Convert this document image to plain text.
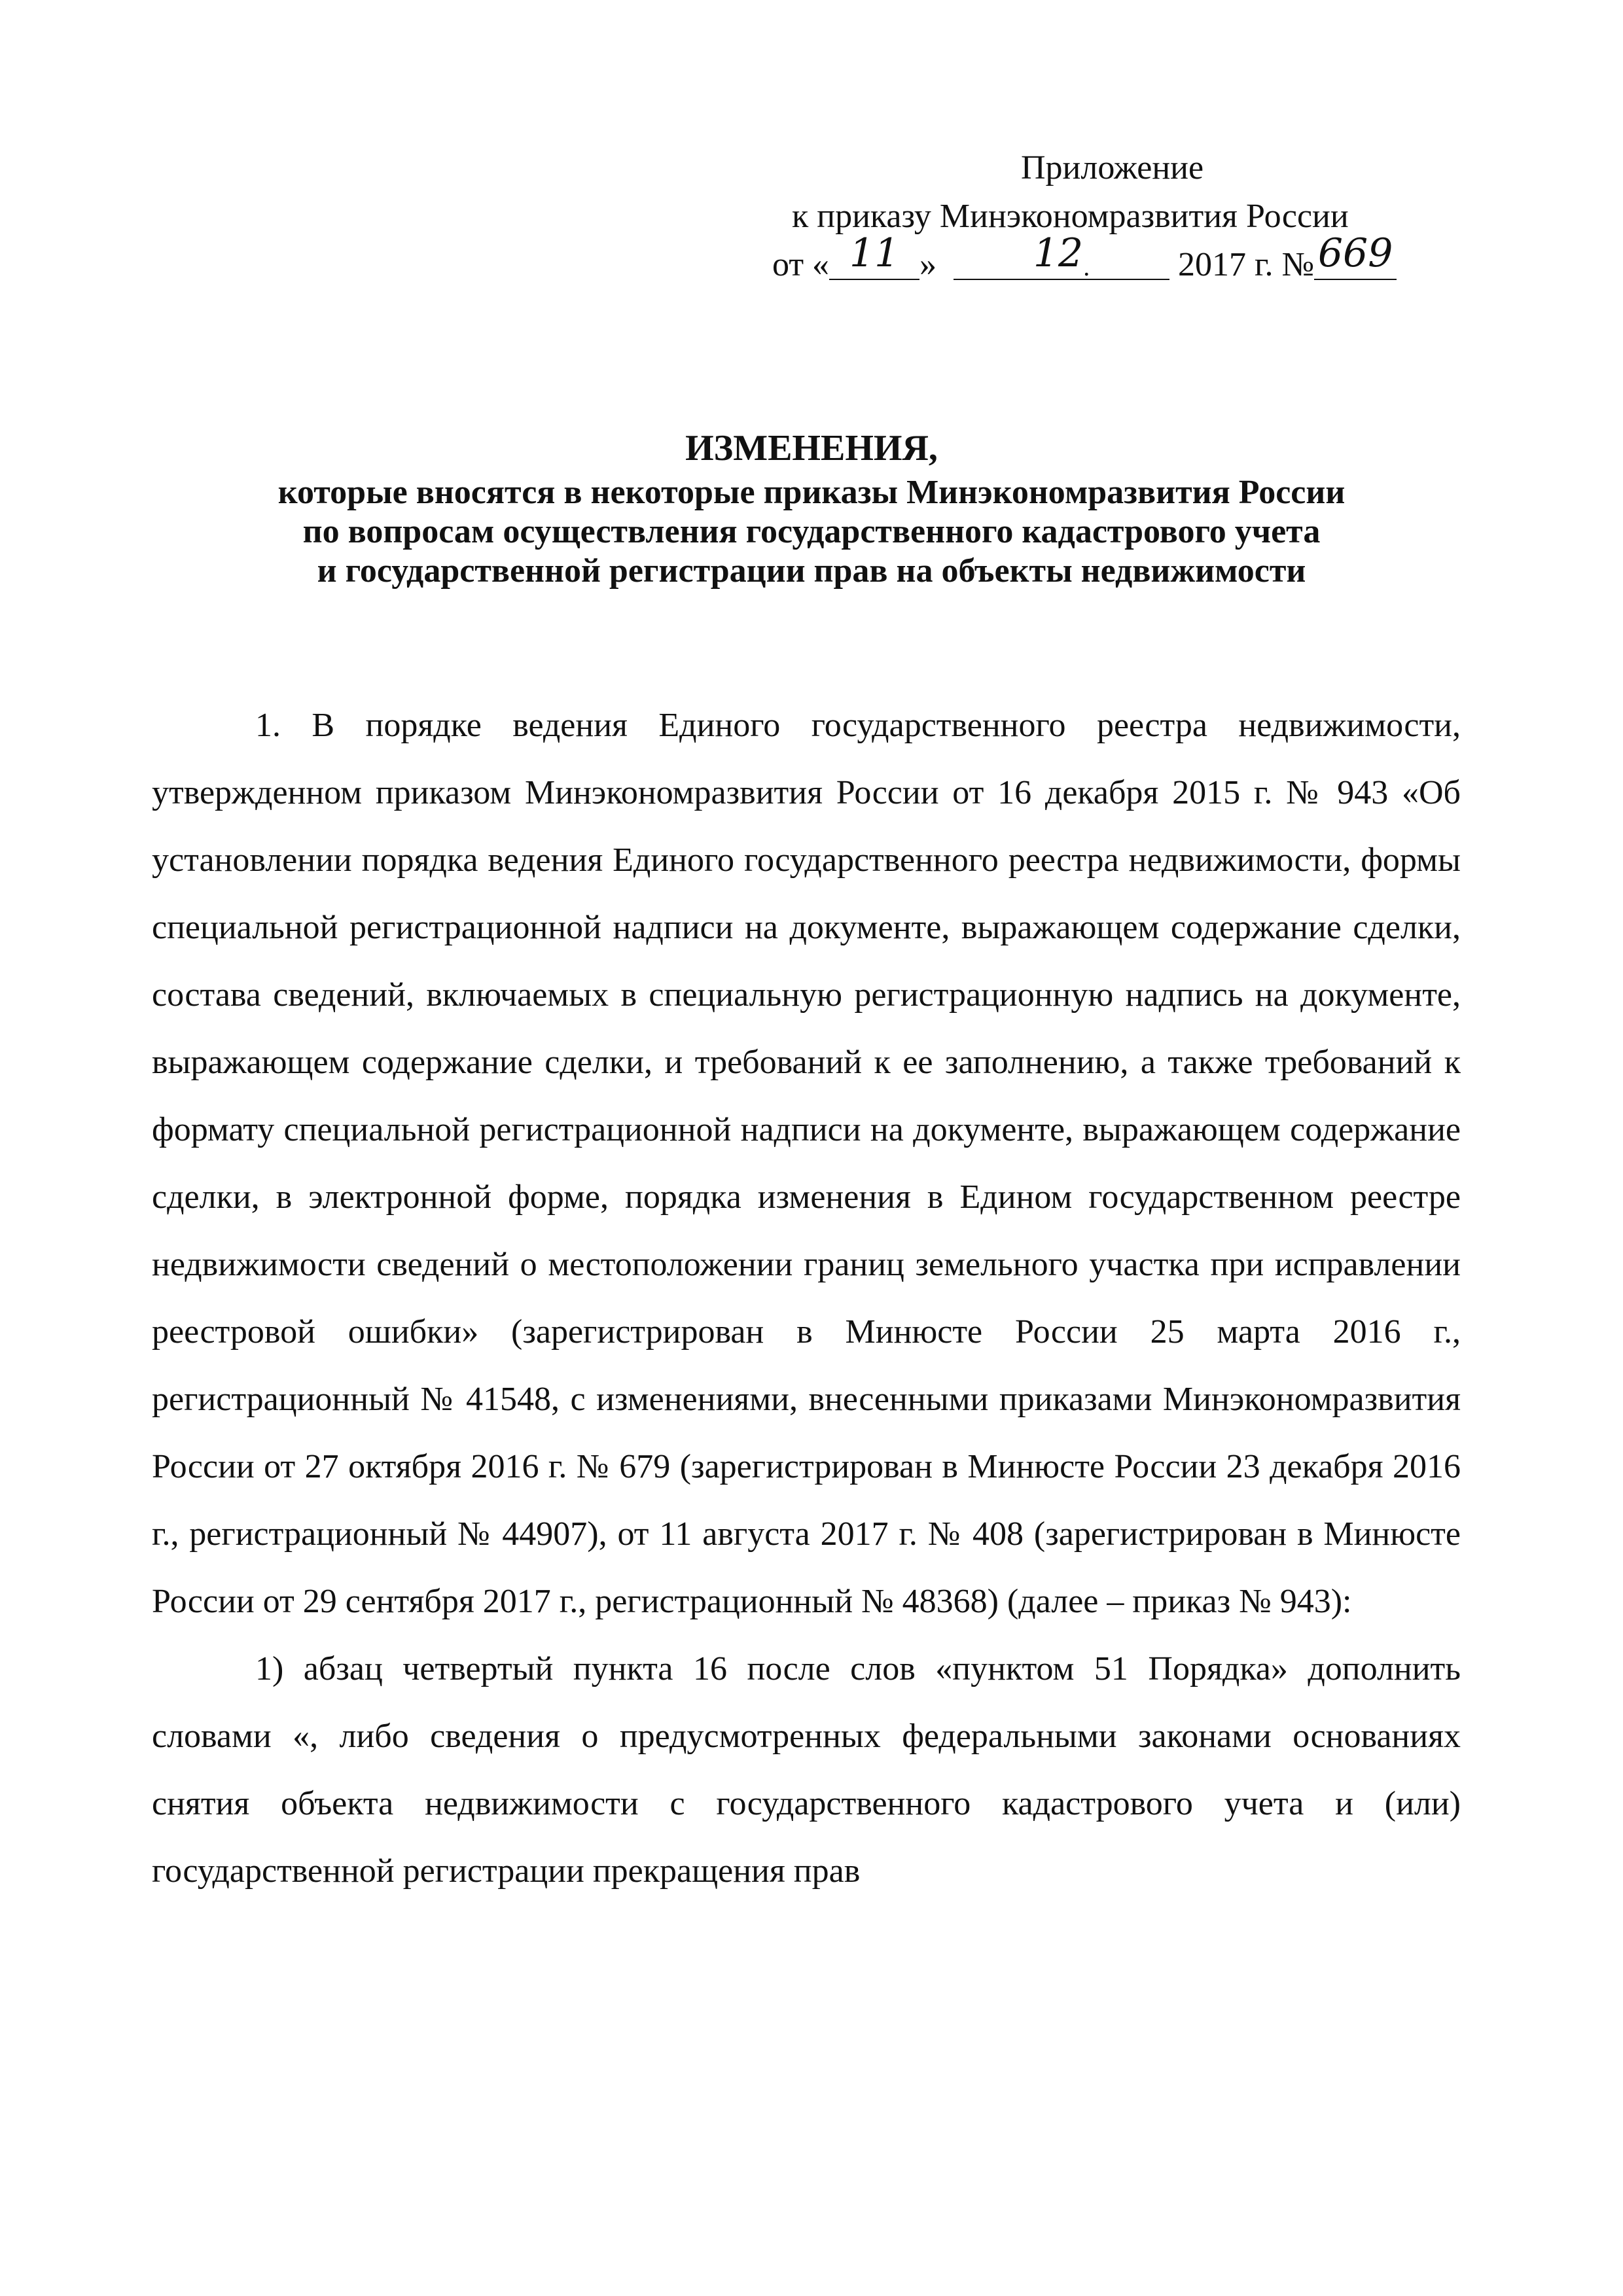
Приложение
к приказу Минэкономразвития России
от « 11 » 12.	2017 г. №669
ИЗМЕНЕНИЯ,
которые вносятся в некоторые приказы Минэкономразвития России
по вопросам осуществления государственного кадастрового учета
и государственной регистрации прав на объекты недвижимости

1. В порядке ведения Единого государственного реестра недвижимости, утвержденном приказом Минэкономразвития России от 16 декабря 2015 г. № 943 «Об установлении порядка ведения Единого государственного реестра недвижимости, формы специальной регистрационной надписи на документе, выражающем содержание сделки, состава сведений, включаемых в специальную регистрационную надпись на документе, выражающем содержание сделки, и требований к ее заполнению, а также требований к формату специальной регистрационной надписи на документе, выражающем содержание сделки, в электронной форме, порядка изменения в Едином государственном реестре недвижимости сведений о местоположении границ земельного участка при исправлении реестровой ошибки» (зарегистрирован в Минюсте России 25 марта 2016 г., регистрационный № 41548, с изменениями, внесенными приказами Минэкономразвития России от 27 октября 2016 г. № 679 (зарегистрирован в Минюсте России 23 декабря 2016 г., регистрационный № 44907), от 11 августа 2017 г. № 408 (зарегистрирован в Минюсте России от 29 сентября 2017 г., регистрационный № 48368) (далее – приказ № 943):

1) абзац четвертый пункта 16 после слов «пунктом 51 Порядка» дополнить словами «, либо сведения о предусмотренных федеральными законами основаниях снятия объекта недвижимости с государственного кадастрового учета и (или) государственной регистрации прекращения прав
